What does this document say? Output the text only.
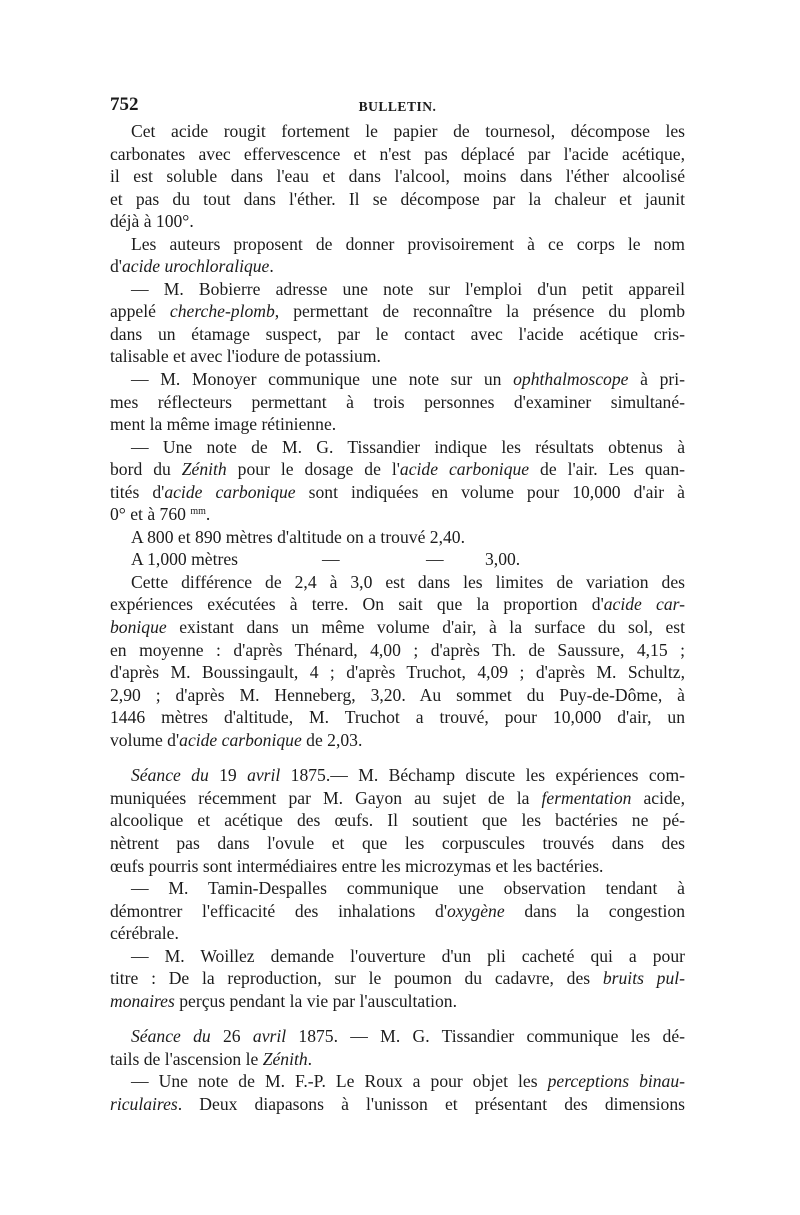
752	BULLETIN.
Cet acide rougit fortement le papier de tournesol, décompose les
carbonates avec effervescence et n'est pas déplacé par l'acide acétique,
il est soluble dans l'eau et dans l'alcool, moins dans l'éther alcoolisé
et pas du tout dans l'éther. Il se décompose par la chaleur et jaunit
déjà à 100°.
Les auteurs proposent de donner provisoirement à ce corps le nom
d'acide urochloralique.
— M. Bobierre adresse une note sur l'emploi d'un petit appareil
appelé cherche-plomb, permettant de reconnaître la présence du plomb
dans un étamage suspect, par le contact avec l'acide acétique cris-
talisable et avec l'iodure de potassium.
— M. Monoyer communique une note sur un ophthalmoscope à pri-
mes réflecteurs permettant à trois personnes d'examiner simultané-
ment la même image rétinienne.
— Une note de M. G. Tissandier indique les résultats obtenus à
bord du Zénith pour le dosage de l'acide carbonique de l'air. Les quan-
tités d'acide carbonique sont indiquées en volume pour 10,000 d'air à
0° et à 760 $^{mm}$.
A 800 et 890 mètres d'altitude on a trouvé 2,40.
A 1,000 mètres	—	— 3,00.
Cette différence de 2,4 à 3,0 est dans les limites de variation des
expériences exécutées à terre. On sait que la proportion d'acide car-
bonique existant dans un même volume d'air, à la surface du sol, est
en moyenne : d'après Thénard, 4,00 ; d'après Th. de Saussure, 4,15 ;
d'après M. Boussingault, 4 ; d'après Truchot, 4,09 ; d'après M. Schultz,
2,90 ; d'après M. Henneberg, 3,20. Au sommet du Puy-de-Dôme, à
1446 mètres d'altitude, M. Truchot a trouvé, pour 10,000 d'air, un
volume d'acide carbonique de 2,03.
Séance du 19 avril 1875.— M. Béchamp discute les expériences com-
muniquées récemment par M. Gayon au sujet de la fermentation acide,
alcoolique et acétique des œufs. Il soutient que les bactéries ne pé-
nètrent pas dans l'ovule et que les corpuscules trouvés dans des
œufs pourris sont intermédiaires entre les microzymas et les bactéries.
— M. Tamin-Despalles communique une observation tendant à
démontrer l'efficacité des inhalations d'oxygène dans la congestion
cérébrale.
— M. Woillez demande l'ouverture d'un pli cacheté qui a pour
titre : De la reproduction, sur le poumon du cadavre, des bruits pul-
monaires perçus pendant la vie par l'auscultation.
Séance du 26 avril 1875. — M. G. Tissandier communique les dé-
tails de l'ascension le Zénith.
— Une note de M. F.-P. Le Roux a pour objet les perceptions binau-
riculaires. Deux diapasons à l'unisson et présentant des dimensions
